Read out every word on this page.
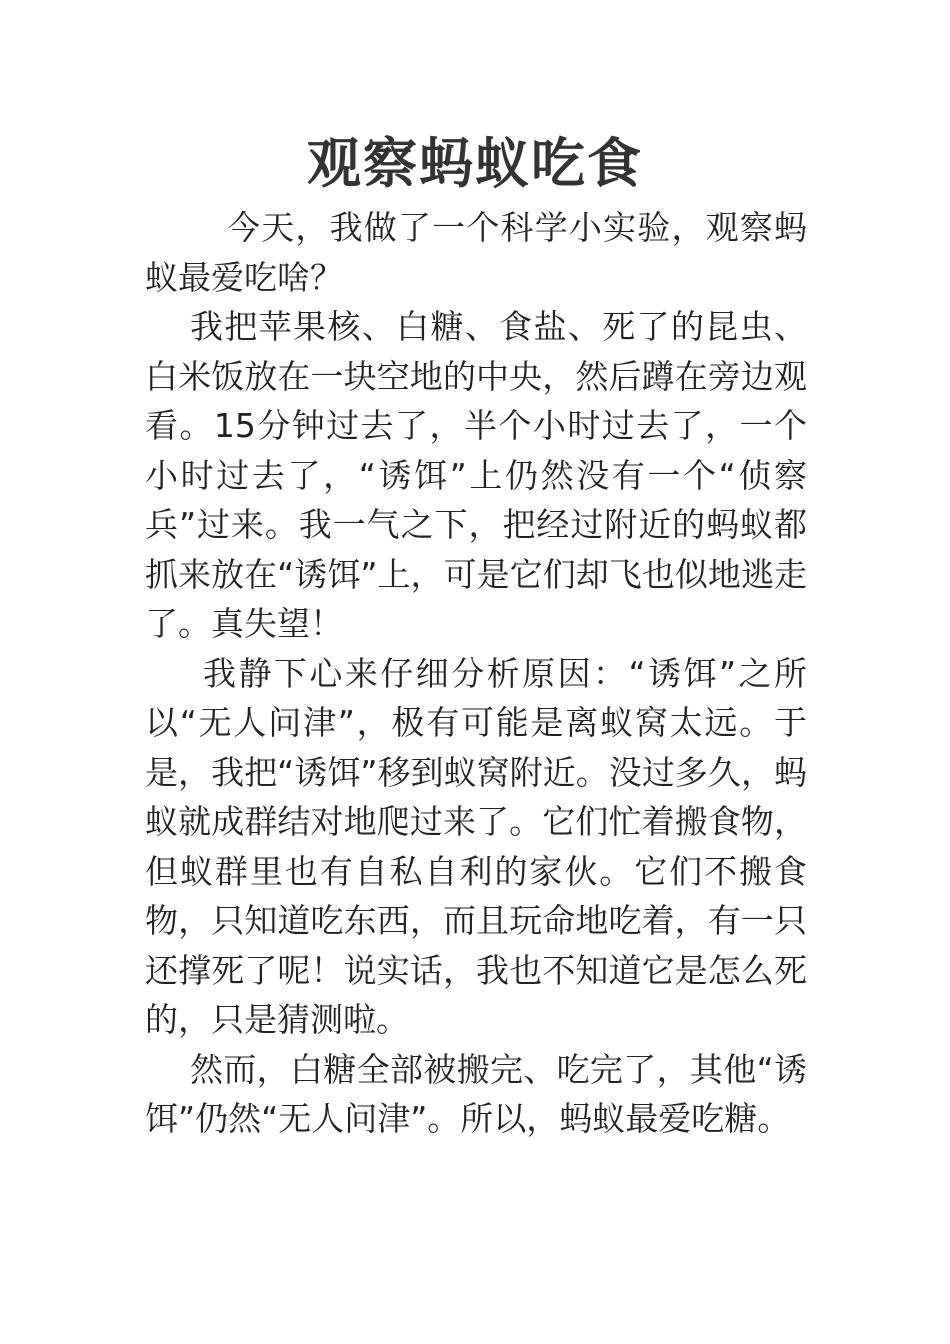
观察蚂蚁吃食

今天，我做了一个科学小实验，观察蚂蚁最爱吃啥？

我把苹果核、白糖、食盐、死了的昆虫、白米饭放在一块空地的中央，然后蹲在旁边观看。15分钟过去了，半个小时过去了，一个小时过去了，“诱饵”上仍然没有一个“侦察兵”过来。我一气之下，把经过附近的蚂蚁都抓来放在“诱饵”上，可是它们却飞也似地逃走了。真失望！

我静下心来仔细分析原因：“诱饵”之所以“无人问津”，极有可能是离蚁窝太远。于是，我把“诱饵”移到蚁窝附近。没过多久，蚂蚁就成群结对地爬过来了。它们忙着搬食物，但蚁群里也有自私自利的家伙。它们不搬食物，只知道吃东西，而且玩命地吃着，有一只还撑死了呢！说实话，我也不知道它是怎么死的，只是猜测啦。

然而，白糖全部被搬完、吃完了，其他“诱饵”仍然“无人问津”。所以，蚂蚁最爱吃糖。
